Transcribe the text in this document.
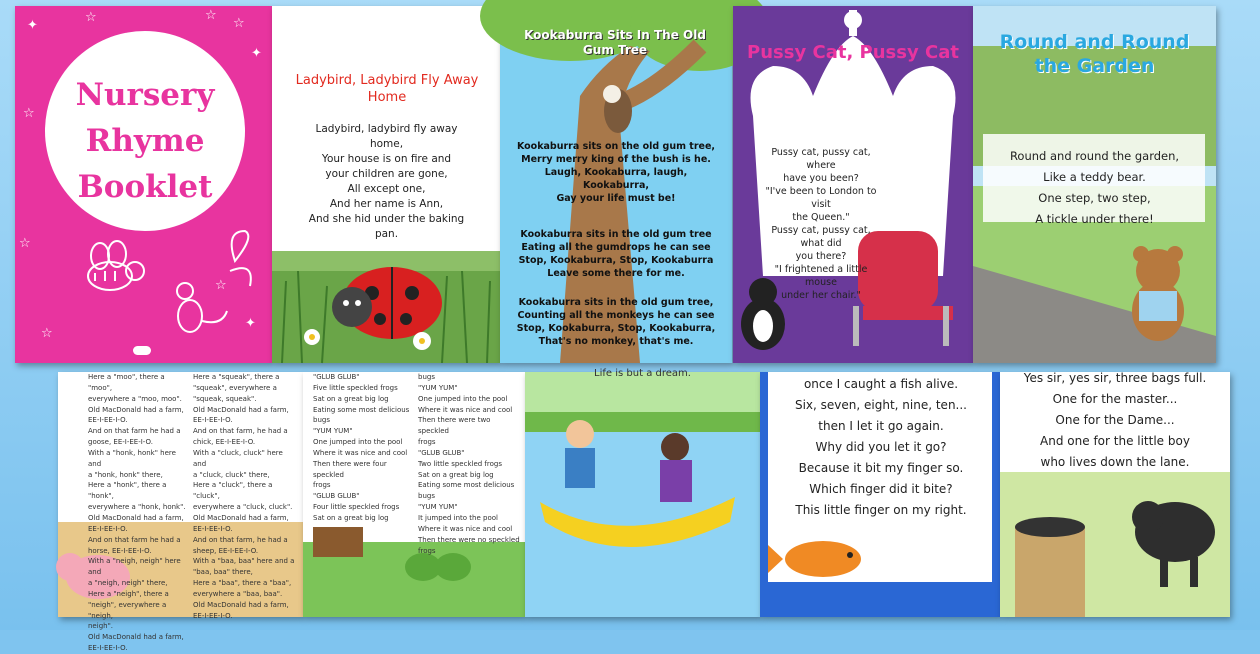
✦
☆	☆
☆
✦
☆
☆
✦
☆
☆
Nursery
Rhyme
Booklet
Ladybird, Ladybird Fly Away Home
Ladybird, ladybird fly away
home,
Your house is on fire and
your children are gone,
All except one,
And her name is Ann,
And she hid under the baking
pan.
Kookaburra Sits In The Old Gum Tree
Kookaburra sits on the old gum tree,
Merry merry king of the bush is he.
Laugh, Kookaburra, laugh,
Kookaburra,
Gay your life must be!
Kookaburra sits in the old gum tree
Eating all the gumdrops he can see
Stop, Kookaburra, Stop, Kookaburra
Leave some there for me.
Kookaburra sits in the old gum tree,
Counting all the monkeys he can see
Stop, Kookaburra, Stop, Kookaburra,
That's no monkey, that's me.
Pussy Cat, Pussy Cat
Pussy cat, pussy cat, where
have you been?
"I've been to London to visit
the Queen."
Pussy cat, pussy cat, what did
you there?
"I frightened a little mouse
under her chair."
Round and Round
the Garden
Round and round the garden,
Like a teddy bear.
One step, two step,
A tickle under there!
Here a "moo", there a "moo",
everywhere a "moo, moo".
Old MacDonald had a farm,
EE-I-EE-I-O.
And on that farm he had a
goose, EE-I-EE-I-O.
With a "honk, honk" here and
a "honk, honk" there,
Here a "honk", there a "honk",
everywhere a "honk, honk".
Old MacDonald had a farm,
EE-I-EE-I-O.
And on that farm he had a
horse, EE-I-EE-I-O.
With a "neigh, neigh" here and
a "neigh, neigh" there,
Here a "neigh", there a
"neigh", everywhere a "neigh,
neigh".
Old MacDonald had a farm,
EE-I-EE-I-O.
Here a "squeak", there a
"squeak", everywhere a
"squeak, squeak".
Old MacDonald had a farm,
EE-I-EE-I-O.
And on that farm, he had a
chick, EE-I-EE-I-O.
With a "cluck, cluck" here and
a "cluck, cluck" there,
Here a "cluck", there a "cluck",
everywhere a "cluck, cluck".
Old MacDonald had a farm,
EE-I-EE-I-O.
And on that farm, he had a
sheep, EE-I-EE-I-O.
With a "baa, baa" here and a
"baa, baa" there,
Here a "baa", there a "baa",
everywhere a "baa, baa".
Old MacDonald had a farm,
EE-I-EE-I-O.
"GLUB GLUB"
Five little speckled frogs
Sat on a great big log
Eating some most delicious
bugs
"YUM YUM"
One jumped into the pool
Where it was nice and cool
Then there were four speckled
frogs
"GLUB GLUB"
Four little speckled frogs
Sat on a great big log
bugs
"YUM YUM"
One jumped into the pool
Where it was nice and cool
Then there were two speckled
frogs
"GLUB GLUB"
Two little speckled frogs
Sat on a great big log
Eating some most delicious
bugs
"YUM YUM"
It jumped into the pool
Where it was nice and cool
Then there were no speckled
frogs
Life is but a dream.
once I caught a fish alive.
Six, seven, eight, nine, ten...
then I let it go again.
Why did you let it go?
Because it bit my finger so.
Which finger did it bite?
This little finger on my right.
Yes sir, yes sir, three bags full.
One for the master...
One for the Dame...
And one for the little boy
who lives down the lane.
